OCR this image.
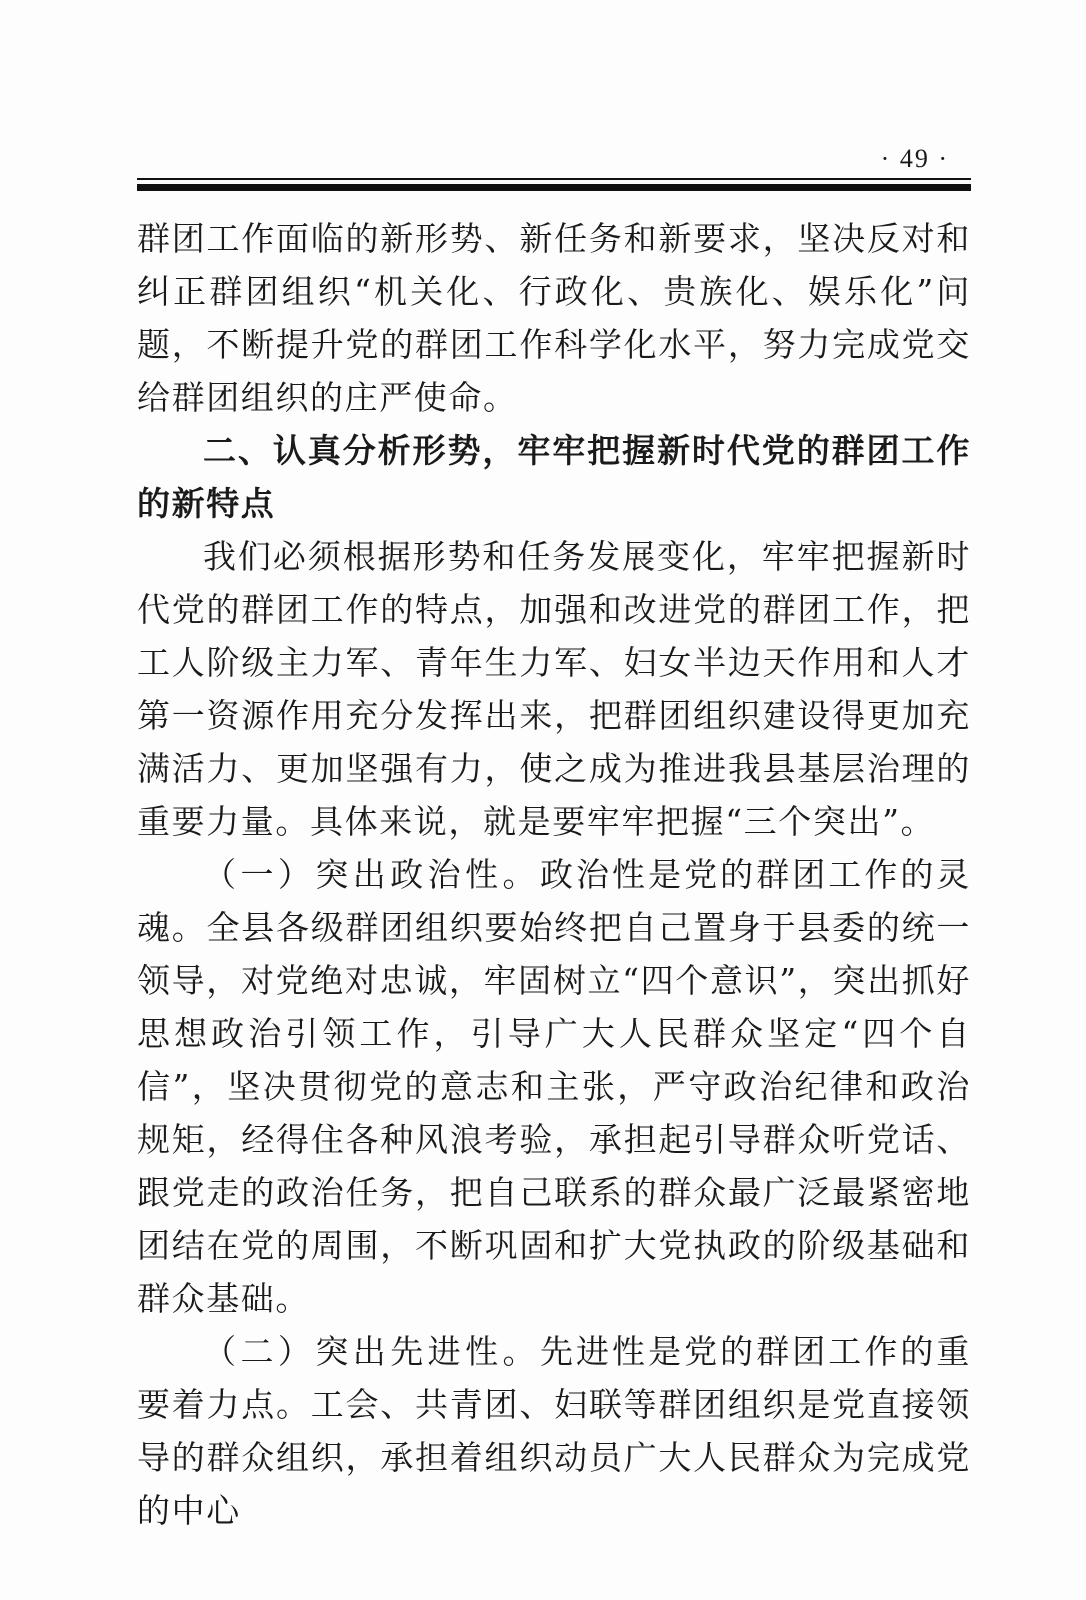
· 49 ·

群团工作面临的新形势、新任务和新要求，坚决反对和纠正群团组织“机关化、行政化、贵族化、娱乐化”问题，不断提升党的群团工作科学化水平，努力完成党交给群团组织的庄严使命。

二、认真分析形势，牢牢把握新时代党的群团工作的新特点

我们必须根据形势和任务发展变化，牢牢把握新时代党的群团工作的特点，加强和改进党的群团工作，把工人阶级主力军、青年生力军、妇女半边天作用和人才第一资源作用充分发挥出来，把群团组织建设得更加充满活力、更加坚强有力，使之成为推进我县基层治理的重要力量。具体来说，就是要牢牢把握“三个突出”。

（一）突出政治性。政治性是党的群团工作的灵魂。全县各级群团组织要始终把自己置身于县委的统一领导，对党绝对忠诚，牢固树立“四个意识”，突出抓好思想政治引领工作，引导广大人民群众坚定“四个自信”，坚决贯彻党的意志和主张，严守政治纪律和政治规矩，经得住各种风浪考验，承担起引导群众听党话、跟党走的政治任务，把自己联系的群众最广泛最紧密地团结在党的周围，不断巩固和扩大党执政的阶级基础和群众基础。

（二）突出先进性。先进性是党的群团工作的重要着力点。工会、共青团、妇联等群团组织是党直接领导的群众组织，承担着组织动员广大人民群众为完成党的中心
